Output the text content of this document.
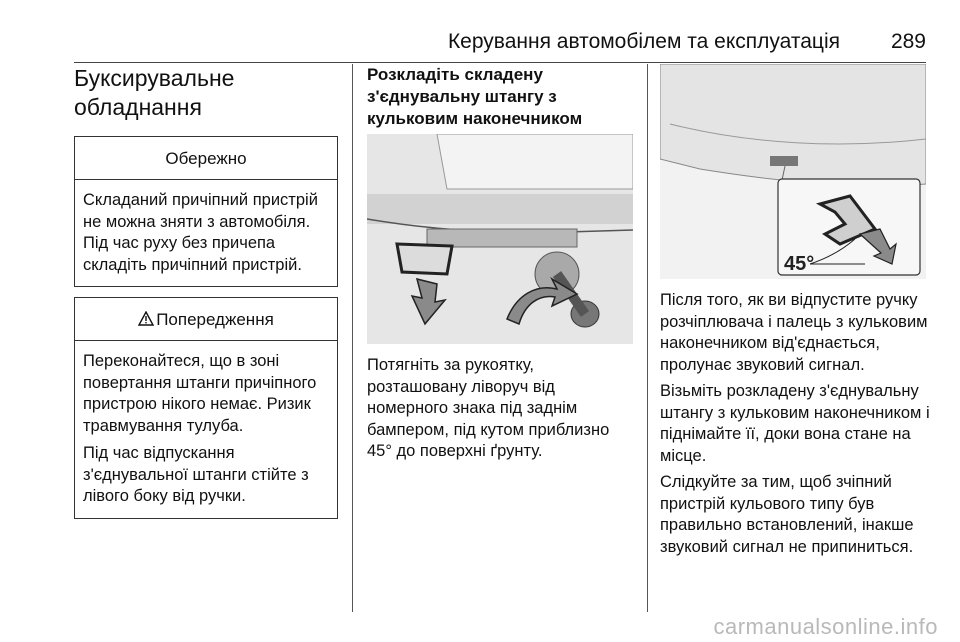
Керування автомобілем та експлуатація 289
Буксирувальне
обладнання
Обережно

Складаний причіпний пристрій не можна зняти з автомобіля. Під час руху без причепа складіть причіпний пристрій.

Попередження

Переконайтеся, що в зоні повертання штанги причіпного пристрою нікого немає. Ризик травмування тулуба.

Під час відпускання з'єднувальної штанги стійте з лівого боку від ручки.

Розкладіть складену
з'єднувальну штангу з
кульковим наконечником

Потягніть за рукоятку, розташовану ліворуч від номерного знака під заднім бампером, під кутом приблизно 45° до поверхні ґрунту.

45°

Після того, як ви відпустите ручку розчіплювача і палець з кульковим наконечником від'єднається, пролунає звуковий сигнал.

Візьміть розкладену з'єднувальну штангу з кульковим наконечником і піднімайте її, доки вона стане на місце.

Слідкуйте за тим, щоб зчіпний пристрій кульового типу був правильно встановлений, інакше звуковий сигнал не припиниться.

carmanualsonline.info
